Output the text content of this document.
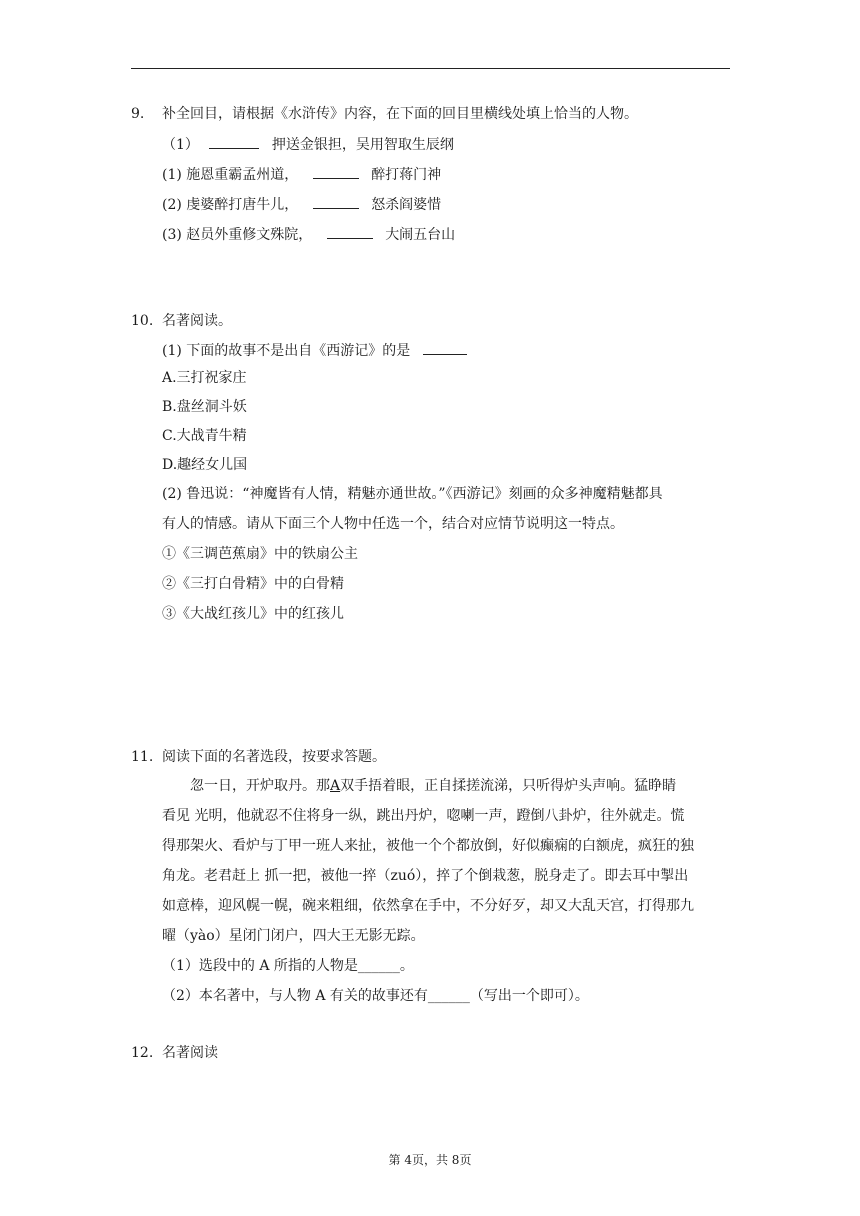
9. 补全回目，请根据《水浒传》内容，在下面的回目里横线处填上恰当的人物。
（1）	押送金银担，吴用智取生辰纲
(1) 施恩重霸孟州道，	醉打蒋门神
(2) 虔婆醉打唐牛儿，	怒杀阎婆惜
(3) 赵员外重修文殊院，	大闹五台山
10. 名著阅读。
(1) 下面的故事不是出自《西游记》的是
A.三打祝家庄
B.盘丝洞斗妖
C.大战青牛精
D.趣经女儿国
(2) 鲁迅说：“神魔皆有人情，精魅亦通世故。”《西游记》刻画的众多神魔精魅都具
有人的情感。请从下面三个人物中任选一个，结合对应情节说明这一特点。
①《三调芭蕉扇》中的铁扇公主
②《三打白骨精》中的白骨精
③《大战红孩儿》中的红孩儿
11. 阅读下面的名著选段，按要求答题。
忽一日，开炉取丹。那A双手捂着眼，正自揉搓流涕，只听得炉头声响。猛睁睛
看见 光明，他就忍不住将身一纵，跳出丹炉，唿喇一声，蹬倒八卦炉，往外就走。慌
得那架火、看炉与丁甲一班人来扯，被他一个个都放倒，好似癫痫的白额虎，疯狂的独
角龙。老君赶上 抓一把，被他一捽（zuó），捽了个倒栽葱，脱身走了。即去耳中掣出
如意棒，迎风幌一幌，碗来粗细，依然拿在手中，不分好歹，却又大乱天宫，打得那九
曜（yào）星闭门闭户，四大王无影无踪。
（1）选段中的 A 所指的人物是______。
（2）本名著中，与人物 A 有关的故事还有______（写出一个即可）。
12. 名著阅读
第 4页，共 8页
